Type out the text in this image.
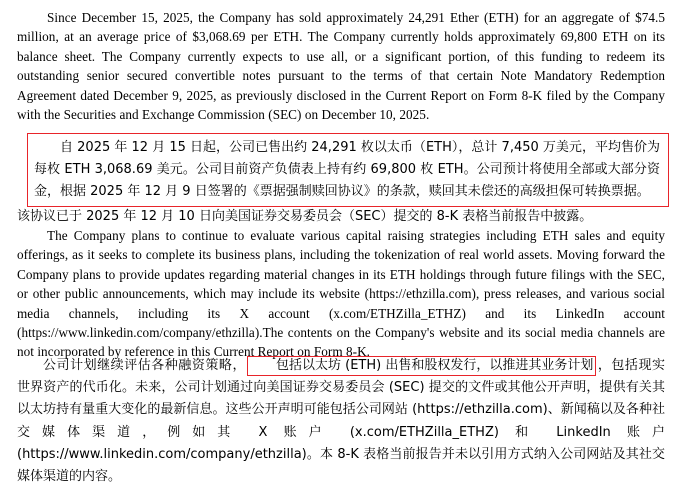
Since December 15, 2025, the Company has sold approximately 24,291 Ether (ETH) for an aggregate of $74.5 million, at an average price of $3,068.69 per ETH. The Company currently holds approximately 69,800 ETH on its balance sheet. The Company currently expects to use all, or a significant portion, of this funding to redeem its outstanding senior secured convertible notes pursuant to the terms of that certain Note Mandatory Redemption Agreement dated December 9, 2025, as previously disclosed in the Current Report on Form 8-K filed by the Company with the Securities and Exchange Commission (SEC) on December 10, 2025.

自 2025 年 12 月 15 日起，公司已售出约 24,291 枚以太币（ETH），总计 7,450 万美元，平均售价为每枚 ETH 3,068.69 美元。公司目前资产负债表上持有约 69,800 枚 ETH。公司预计将使用全部或大部分资金，根据 2025 年 12 月 9 日签署的《票据强制赎回协议》的条款，赎回其未偿还的高级担保可转换票据。

该协议已于 2025 年 12 月 10 日向美国证券交易委员会（SEC）提交的 8-K 表格当前报告中披露。

The Company plans to continue to evaluate various capital raising strategies including ETH sales and equity offerings, as it seeks to complete its business plans, including the tokenization of real world assets. Moving forward the Company plans to provide updates regarding material changes in its ETH holdings through future filings with the SEC, or other public announcements, which may include its website (https://ethzilla.com), press releases, and various social media channels, including its X account (x.com/ETHZilla_ETHZ) and its LinkedIn account (https://www.linkedin.com/company/ethzilla).The contents on the Company's website and its social media channels are not incorporated by reference in this Current Report on Form 8-K.

公司计划继续评估各种融资策略， 包括以太坊 (ETH) 出售和股权发行，以推进其业务计划 ，包括现实世界资产的代币化。未来，公司计划通过向美国证券交易委员会 (SEC) 提交的文件或其他公开声明，提供有关其以太坊持有量重大变化的最新信息。这些公开声明可能包括公司网站 (https://ethzilla.com)、新闻稿以及各种社交媒体渠道，例如其 X 账户 (x.com/ETHZilla_ETHZ) 和 LinkedIn 账户 (https://www.linkedin.com/company/ethzilla)。本 8-K 表格当前报告并未以引用方式纳入公司网站及其社交媒体渠道的内容。
